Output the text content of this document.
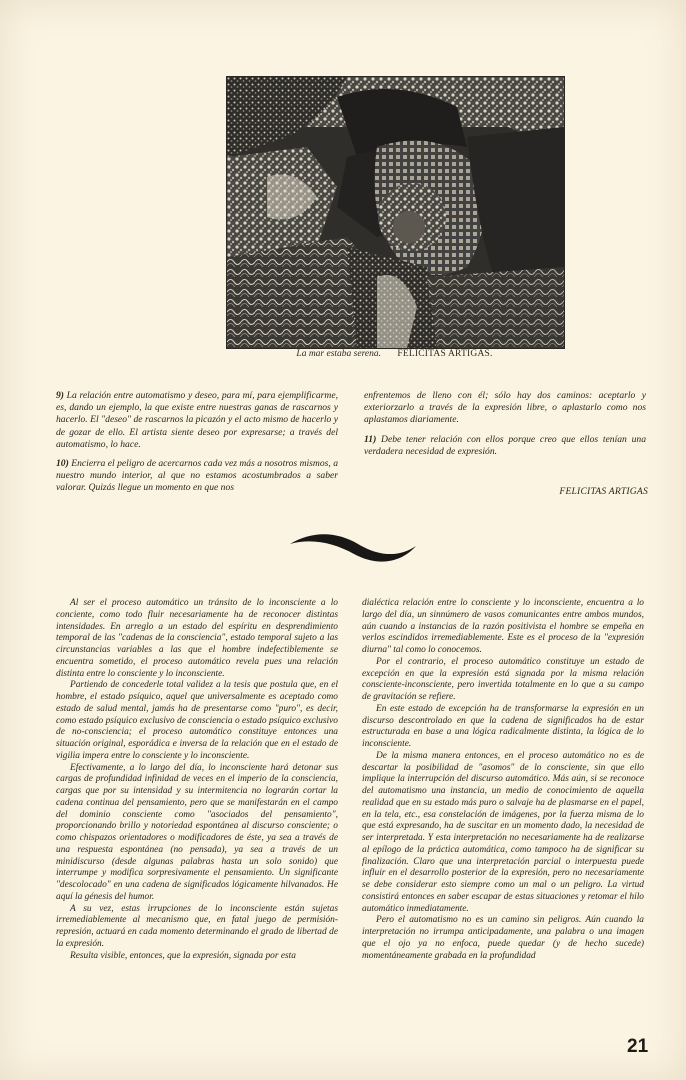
La mar estaba serena. FELICITAS ARTIGAS.

9) La relación entre automatismo y deseo, para mí, para ejemplificarme, es, dando un ejemplo, la que existe entre nuestras ganas de rascarnos y hacerlo. El "deseo" de rascarnos la picazón y el acto mismo de hacerlo y de gozar de ello. El artista siente deseo por expresarse; a través del automatismo, lo hace.

10) Encierra el peligro de acercarnos cada vez más a nosotros mismos, a nuestro mundo interior, al que no estamos acostumbrados a saber valorar. Quizás llegue un momento en que nos

enfrentemos de lleno con él; sólo hay dos caminos: aceptarlo y exteriorzarlo a través de la expresión libre, o aplastarlo como nos aplastamos diariamente.

11) Debe tener relación con ellos porque creo que ellos tenían una verdadera necesidad de expresión.

FELICITAS ARTIGAS

Al ser el proceso automático un tránsito de lo inconsciente a lo conciente, como todo fluir necesariamente ha de reconocer distintas intensidades. En arreglo a un estado del espíritu en desprendimiento temporal de las "cadenas de la consciencia", estado temporal sujeto a las circunstancias variables a las que el hombre indefectiblemente se encuentra sometido, el proceso automático revela pues una relación distinta entre lo consciente y lo inconsciente.

Partiendo de concederle total validez a la tesis que postula que, en el hombre, el estado psíquico, aquel que universalmente es aceptado como estado de salud mental, jamás ha de presentarse como "puro", es decir, como estado psíquico exclusivo de consciencia o estado psíquico exclusivo de no-consciencia; el proceso automático constituye entonces una situación original, esporádica e inversa de la relación que en el estado de vigilia impera entre lo consciente y lo inconsciente.

Efectivamente, a lo largo del día, lo inconsciente hará detonar sus cargas de profundidad infinidad de veces en el imperio de la consciencia, cargas que por su intensidad y su intermitencia no lograrán cortar la cadena continua del pensamiento, pero que se manifestarán en el campo del dominio consciente como "asociados del pensamiento", proporcionando brillo y notoriedad espontánea al discurso consciente; o como chispazos orientadores o modificadores de éste, ya sea a través de una respuesta espontánea (no pensada), ya sea a través de un minidiscurso (desde algunas palabras hasta un solo sonido) que interrumpe y modifica sorpresivamente el pensamiento. Un significante "descolocado" en una cadena de significados lógicamente hilvanados. He aquí la génesis del humor.

A su vez, estas irrupciones de lo inconsciente están sujetas irremediablemente al mecanismo que, en fatal juego de permisión-represión, actuará en cada momento determinando el grado de libertad de la expresión.

Resulta visible, entonces, que la expresión, signada por esta

dialéctica relación entre lo consciente y lo inconsciente, encuentra a lo largo del día, un sinnúmero de vasos comunicantes entre ambos mundos, aún cuando a instancias de la razón positivista el hombre se empeña en verlos escindidos irremediablemente. Este es el proceso de la "expresión diurna" tal como lo conocemos.

Por el contrario, el proceso automático constituye un estado de excepción en que la expresión está signada por la misma relación consciente-inconsciente, pero invertida totalmente en lo que a su campo de gravitación se refiere.

En este estado de excepción ha de transformarse la expresión en un discurso descontrolado en que la cadena de significados ha de estar estructurada en base a una lógica radicalmente distinta, la lógica de lo inconsciente.

De la misma manera entonces, en el proceso automático no es de descartar la posibilidad de "asomos" de lo consciente, sin que ello implique la interrupción del discurso automático. Más aún, si se reconoce del automatismo una instancia, un medio de conocimiento de aquella realidad que en su estado más puro o salvaje ha de plasmarse en el papel, en la tela, etc., esa constelación de imágenes, por la fuerza misma de lo que está expresando, ha de suscitar en un momento dado, la necesidad de ser interpretada. Y esta interpretación no necesariamente ha de realizarse al epílogo de la práctica automática, como tampoco ha de significar su finalización. Claro que una interpretación parcial o interpuesta puede influir en el desarrollo posterior de la expresión, pero no necesariamente se debe considerar esto siempre como un mal o un peligro. La virtud consistirá entonces en saber escapar de estas situaciones y retomar el hilo automático inmediatamente.

Pero el automatismo no es un camino sin peligros. Aún cuando la interpretación no irrumpa anticipadamente, una palabra o una imagen que el ojo ya no enfoca, puede quedar (y de hecho sucede) momentáneamente grabada en la profundidad

21
